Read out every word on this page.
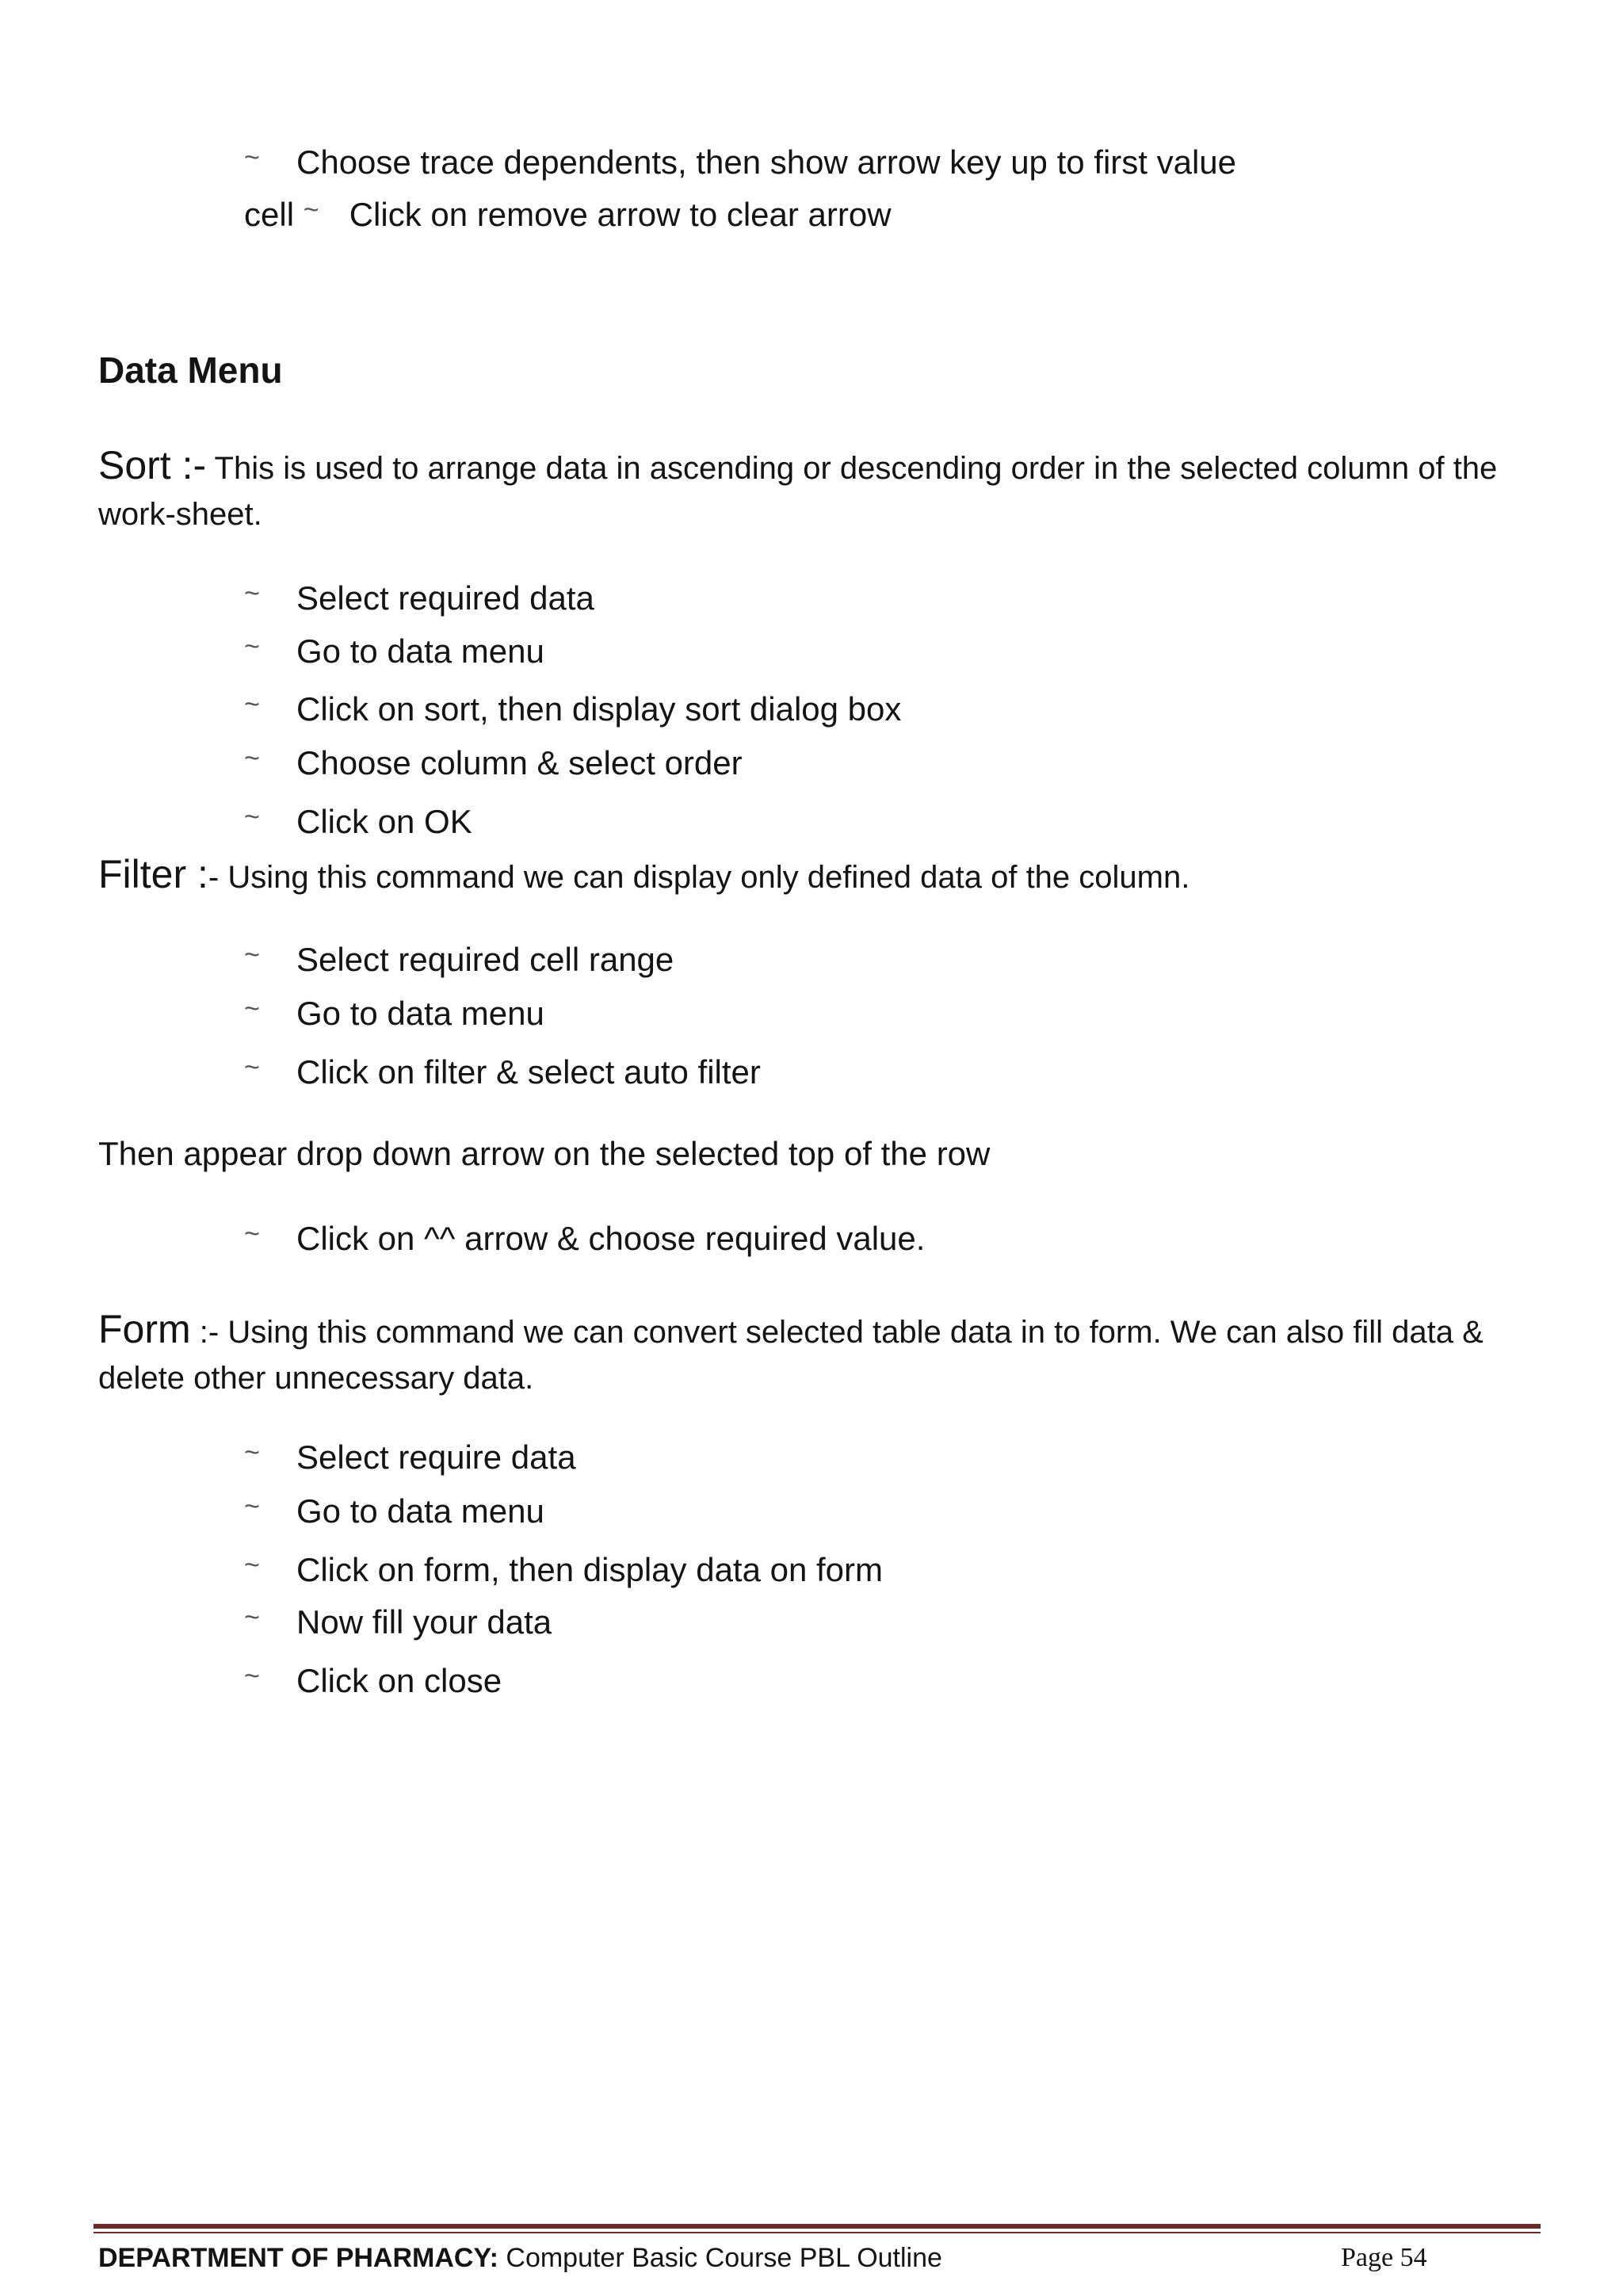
~ Choose trace dependents, then show arrow key up to first value
cell ~ Click on remove arrow to clear arrow
Data Menu
Sort :- This is used to arrange data in ascending or descending order in the selected column of the work-sheet.
~ Select required data
~ Go to data menu
~ Click on sort, then display sort dialog box
~ Choose column & select order
~ Click on OK
Filter :- Using this command we can display only defined data of the column.
~ Select required cell range
~ Go to data menu
~ Click on filter & select auto filter
Then appear drop down arrow on the selected top of the row
~ Click on ^^ arrow & choose required value.
Form :- Using this command we can convert selected table data in to form. We can also fill data & delete other unnecessary data.
~ Select require data
~ Go to data menu
~ Click on form, then display data on form
~ Now fill your data
~ Click on close
DEPARTMENT OF PHARMACY: Computer Basic Course PBL Outline	Page 54
